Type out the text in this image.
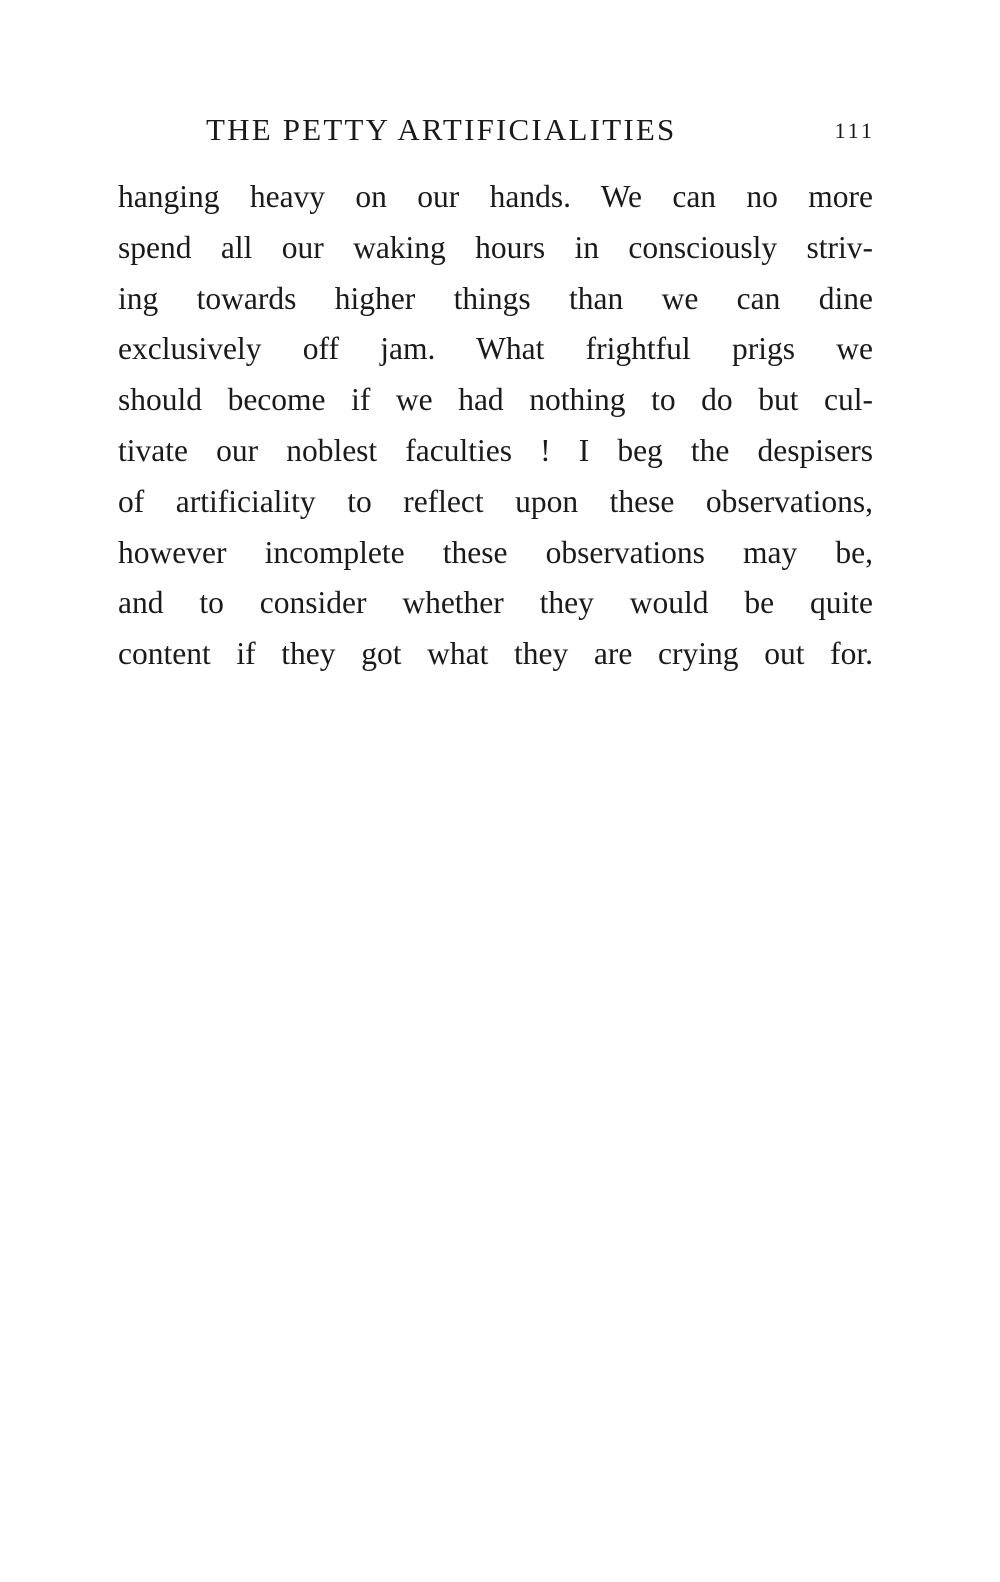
THE PETTY ARTIFICIALITIES	111
hanging heavy on our hands. We can no more
spend all our waking hours in consciously striv-
ing towards higher things than we can dine
exclusively off jam. What frightful prigs we
should become if we had nothing to do but cul-
tivate our noblest faculties ! I beg the despisers
of artificiality to reflect upon these observations,
however incomplete these observations may be,
and to consider whether they would be quite
content if they got what they are crying out for.
